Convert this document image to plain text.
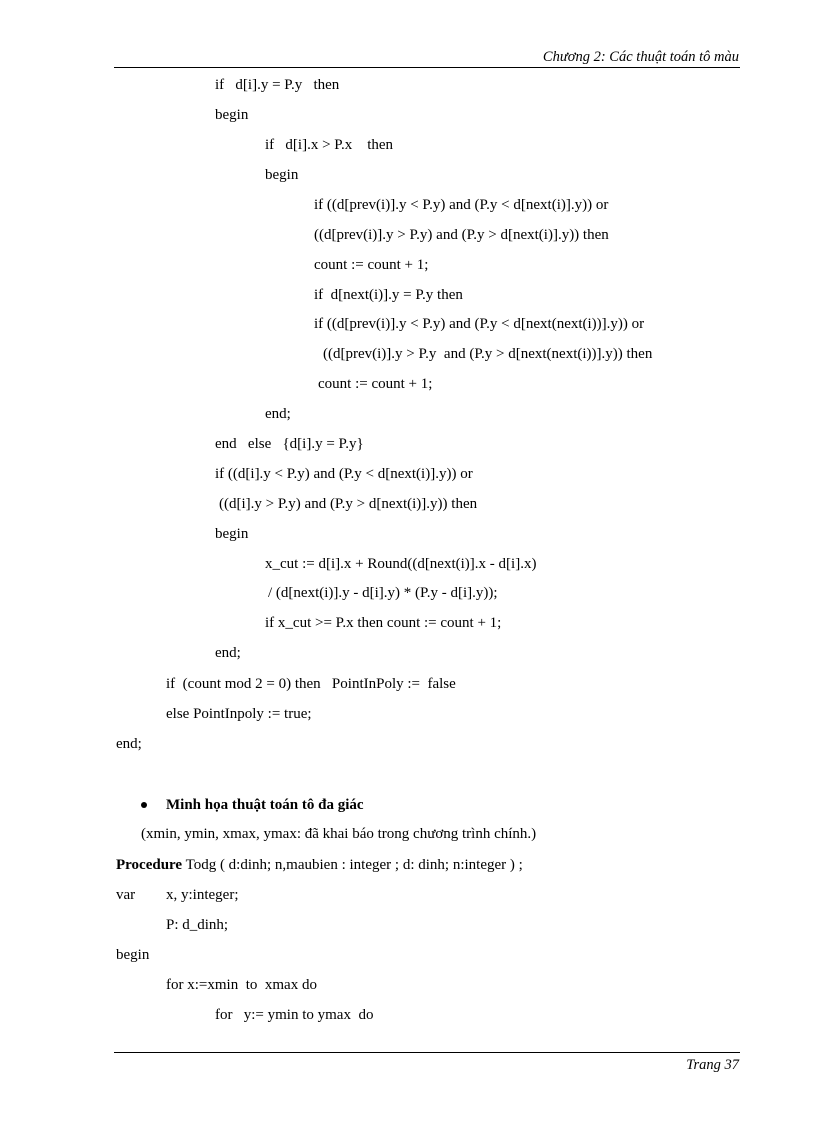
Chương 2: Các thuật toán tô màu
if   d[i].y = P.y   then
begin
if   d[i].x > P.x    then
begin
if ((d[prev(i)].y < P.y) and (P.y < d[next(i)].y)) or
((d[prev(i)].y > P.y) and (P.y > d[next(i)].y)) then
count := count + 1;
if  d[next(i)].y = P.y then
if ((d[prev(i)].y < P.y) and (P.y < d[next(next(i))].y)) or
((d[prev(i)].y > P.y  and (P.y > d[next(next(i))].y)) then
count := count + 1;
end;
end   else   {d[i].y = P.y}
if ((d[i].y < P.y) and (P.y < d[next(i)].y)) or
((d[i].y > P.y) and (P.y > d[next(i)].y)) then
begin
x_cut := d[i].x + Round((d[next(i)].x - d[i].x)
/ (d[next(i)].y - d[i].y) * (P.y - d[i].y));
if x_cut >= P.x then count := count + 1;
end;
if  (count mod 2 = 0) then   PointInPoly :=  false
else PointInpoly := true;
end;
Minh họa thuật toán tô đa giác
(xmin, ymin, xmax, ymax: đã khai báo trong chương trình chính.)
Procedure Todg ( d:dinh; n,maubien : integer ; d: dinh; n:integer ) ;
var x, y:integer;
P: d_dinh;
begin
for x:=xmin  to  xmax do
for   y:= ymin to ymax  do
Trang 37
